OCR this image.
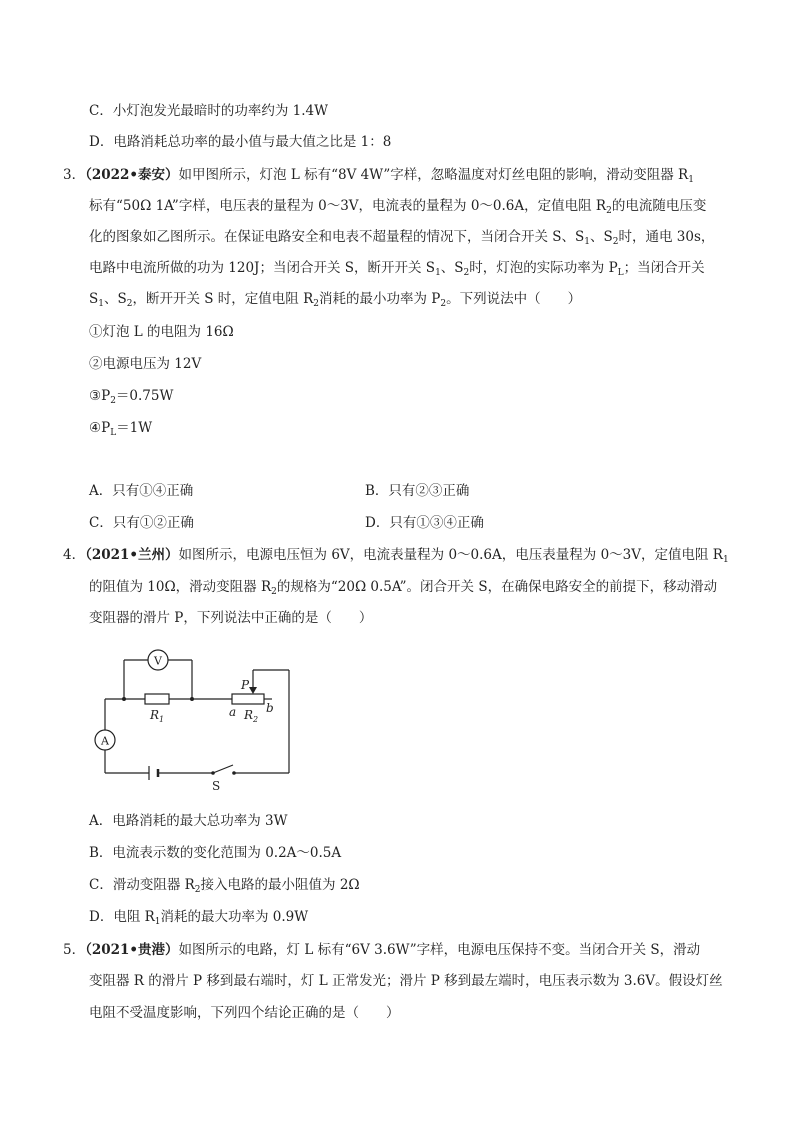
C．小灯泡发光最暗时的功率约为 1.4W
D．电路消耗总功率的最小值与最大值之比是 1：8
3．（2022•泰安）如甲图所示，灯泡 L 标有“8V 4W”字样，忽略温度对灯丝电阻的影响，滑动变阻器 $R_1$
标有“50Ω 1A”字样，电压表的量程为 0～3V，电流表的量程为 0～0.6A，定值电阻 $R_2$的电流随电压变
化的图象如乙图所示。在保证电路安全和电表不超量程的情况下，当闭合开关 S、$S_1$、$S_2$时，通电 30s，
电路中电流所做的功为 120J；当闭合开关 S，断开开关 $S_1$、$S_2$时，灯泡的实际功率为 $P_L$；当闭合开关
$S_1$、$S_2$，断开开关 S 时，定值电阻 $R_2$消耗的最小功率为 $P_2$。下列说法中（　　）
①灯泡 L 的电阻为 16Ω
②电源电压为 12V
$③P_2=0.75W$
$④P_L=1W$
A．只有①④正确	B．只有②③正确
C．只有①②正确	D．只有①③④正确
4．（2021•兰州）如图所示，电源电压恒为 6V，电流表量程为 0～0.6A，电压表量程为 0～3V，定值电阻 $R_1$
的阻值为 10Ω，滑动变阻器 $R_2$的规格为“20Ω 0.5A”。闭合开关 S，在确保电路安全的前提下，移动滑动
变阻器的滑片 P，下列说法中正确的是（　　）
V
A
$R_1$
P
a $R_2$
b
S
A．电路消耗的最大总功率为 3W
B．电流表示数的变化范围为 0.2A～0.5A
C．滑动变阻器 $R_2$接入电路的最小阻值为 2Ω
D．电阻 $R_1$消耗的最大功率为 0.9W
5．（2021•贵港）如图所示的电路，灯 L 标有“6V 3.6W”字样，电源电压保持不变。当闭合开关 S，滑动
变阻器 R 的滑片 P 移到最右端时，灯 L 正常发光；滑片 P 移到最左端时，电压表示数为 3.6V。假设灯丝
电阻不受温度影响，下列四个结论正确的是（　　）
